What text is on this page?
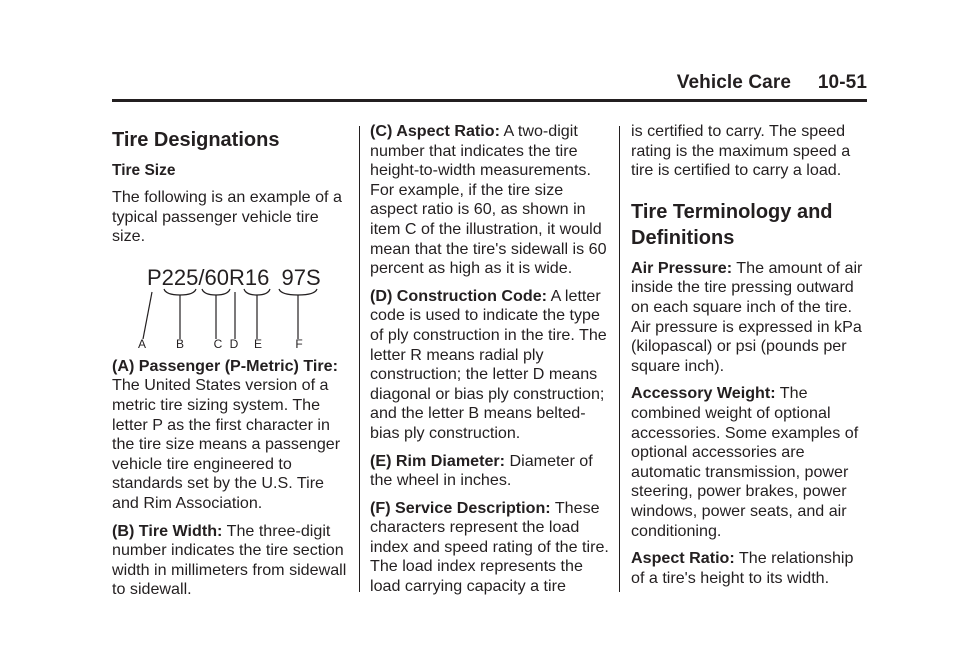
Vehicle Care 10-51
Tire Designations
Tire Size

The following is an example of a typical passenger vehicle tire size.

P225/60R16  97S
A B C D E	F

(A) Passenger (P-Metric) Tire: The United States version of a metric tire sizing system. The letter P as the first character in the tire size means a passenger vehicle tire engineered to standards set by the U.S. Tire and Rim Association.

(B) Tire Width: The three-digit number indicates the tire section width in millimeters from sidewall to sidewall.

(C) Aspect Ratio: A two-digit number that indicates the tire height-to-width measurements. For example, if the tire size aspect ratio is 60, as shown in item C of the illustration, it would mean that the tire's sidewall is 60 percent as high as it is wide.

(D) Construction Code: A letter code is used to indicate the type of ply construction in the tire. The letter R means radial ply construction; the letter D means diagonal or bias ply construction; and the letter B means belted-bias ply construction.

(E) Rim Diameter: Diameter of the wheel in inches.

(F) Service Description: These characters represent the load index and speed rating of the tire. The load index represents the load carrying capacity a tire

is certified to carry. The speed rating is the maximum speed a tire is certified to carry a load.

Tire Terminology and Definitions

Air Pressure: The amount of air inside the tire pressing outward on each square inch of the tire. Air pressure is expressed in kPa (kilopascal) or psi (pounds per square inch).

Accessory Weight: The combined weight of optional accessories. Some examples of optional accessories are automatic transmission, power steering, power brakes, power windows, power seats, and air conditioning.

Aspect Ratio: The relationship of a tire's height to its width.
